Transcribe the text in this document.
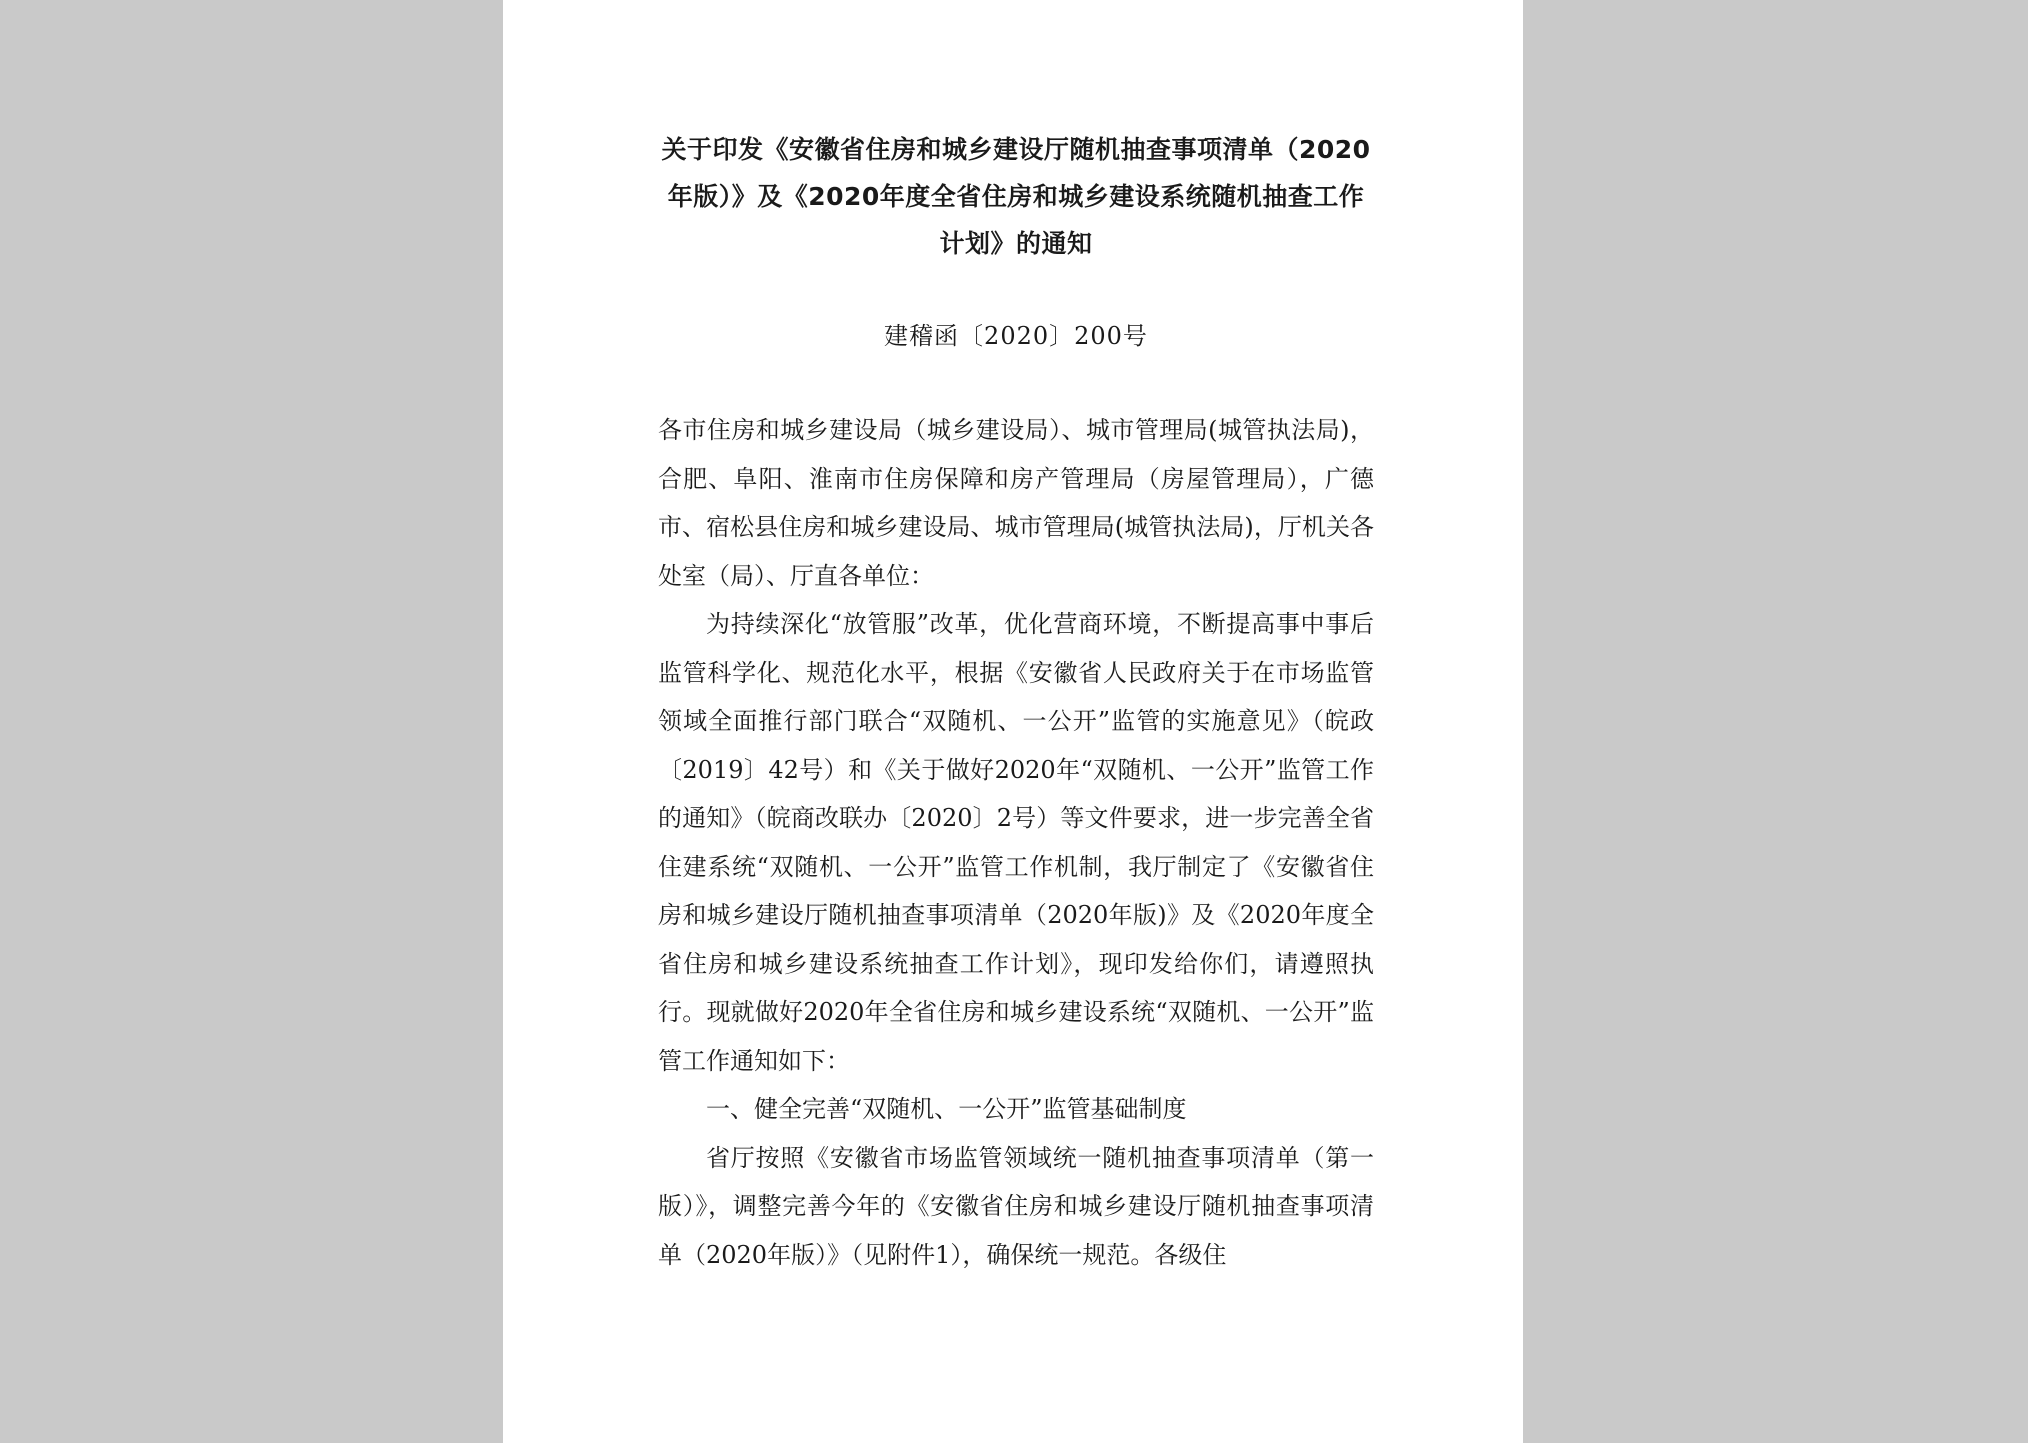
关于印发《安徽省住房和城乡建设厅随机抽查事项清单（2020年版）》及《2020年度全省住房和城乡建设系统随机抽查工作计划》的通知
建稽函〔2020〕200号

各市住房和城乡建设局（城乡建设局）、城市管理局(城管执法局)，合肥、阜阳、淮南市住房保障和房产管理局（房屋管理局），广德市、宿松县住房和城乡建设局、城市管理局(城管执法局)，厅机关各处室（局）、厅直各单位：

为持续深化“放管服”改革，优化营商环境，不断提高事中事后监管科学化、规范化水平，根据《安徽省人民政府关于在市场监管领域全面推行部门联合“双随机、一公开”监管的实施意见》（皖政〔2019〕42号）和《关于做好2020年“双随机、一公开”监管工作的通知》（皖商改联办〔2020〕2号）等文件要求，进一步完善全省住建系统“双随机、一公开”监管工作机制，我厅制定了《安徽省住房和城乡建设厅随机抽查事项清单（2020年版)》及《2020年度全省住房和城乡建设系统抽查工作计划》，现印发给你们，请遵照执行。现就做好2020年全省住房和城乡建设系统“双随机、一公开”监管工作通知如下：

一、健全完善“双随机、一公开”监管基础制度

省厅按照《安徽省市场监管领域统一随机抽查事项清单（第一版）》，调整完善今年的《安徽省住房和城乡建设厅随机抽查事项清单（2020年版）》（见附件1），确保统一规范。各级住
